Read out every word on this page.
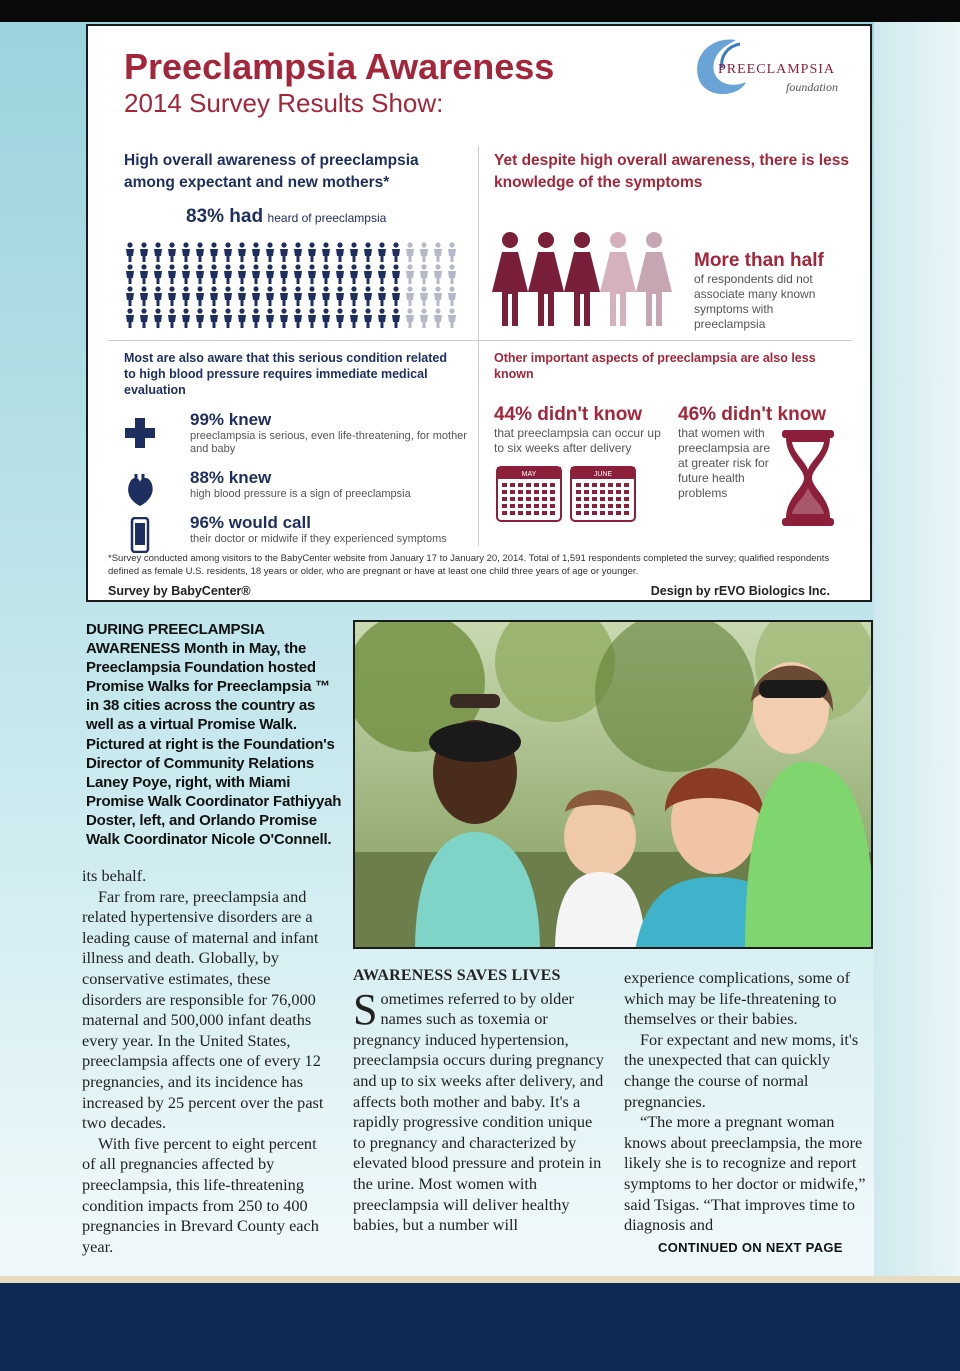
Preeclampsia Awareness
2014 Survey Results Show:
PREECLAMPSIA
foundation
High overall awareness of preeclampsia among expectant and new mothers*
Yet despite high overall awareness, there is less knowledge of the symptoms
83% had heard of preeclampsia
More than half
of respondents did not associate many known symptoms with preeclampsia
Most are also aware that this serious condition related to high blood pressure requires immediate medical evaluation
Other important aspects of preeclampsia are also less known
99% knew
preeclampsia is serious, even life-threatening, for mother and baby
88% knew
high blood pressure is a sign of preeclampsia
96% would call
their doctor or midwife if they experienced symptoms
44% didn't know
that preeclampsia can occur up to six weeks after delivery
MAY	JUNE
46% didn't know
that women with preeclampsia are at greater risk for future health problems
*Survey conducted among visitors to the BabyCenter website from January 17 to January 20, 2014. Total of 1,591 respondents completed the survey; qualified respondents defined as female U.S. residents, 18 years or older, who are pregnant or have at least one child three years of age or younger.
Survey by BabyCenter®	Design by rEVO Biologics Inc.
DURING PREECLAMPSIA AWARENESS Month in May, the Preeclampsia Foundation hosted Promise Walks for Preeclampsia ™ in 38 cities across the country as well as a virtual Promise Walk. Pictured at right is the Foundation's Director of Community Relations Laney Poye, right, with Miami Promise Walk Coordinator Fathiyyah Doster, left, and Orlando Promise Walk Coordinator Nicole O'Connell.

its behalf.

Far from rare, preeclampsia and related hypertensive disorders are a leading cause of maternal and infant illness and death. Globally, by conservative estimates, these disorders are responsible for 76,000 maternal and 500,000 infant deaths every year. In the United States, preeclampsia affects one of every 12 pregnancies, and its incidence has increased by 25 percent over the past two decades.

With five percent to eight percent of all pregnancies affected by preeclampsia, this life-threatening condition impacts from 250 to 400 pregnancies in Brevard County each year.

AWARENESS SAVES LIVES

Sometimes referred to by older names such as toxemia or pregnancy induced hypertension, preeclampsia occurs during pregnancy and up to six weeks after delivery, and affects both mother and baby. It's a rapidly progressive condition unique to pregnancy and characterized by elevated blood pressure and protein in the urine. Most women with preeclampsia will deliver healthy babies, but a number will

experience complications, some of which may be life-threatening to themselves or their babies.

For expectant and new moms, it's the unexpected that can quickly change the course of normal pregnancies.

“The more a pregnant woman knows about preeclampsia, the more likely she is to recognize and report symptoms to her doctor or midwife,” said Tsigas. “That improves time to diagnosis and

CONTINUED ON NEXT PAGE
